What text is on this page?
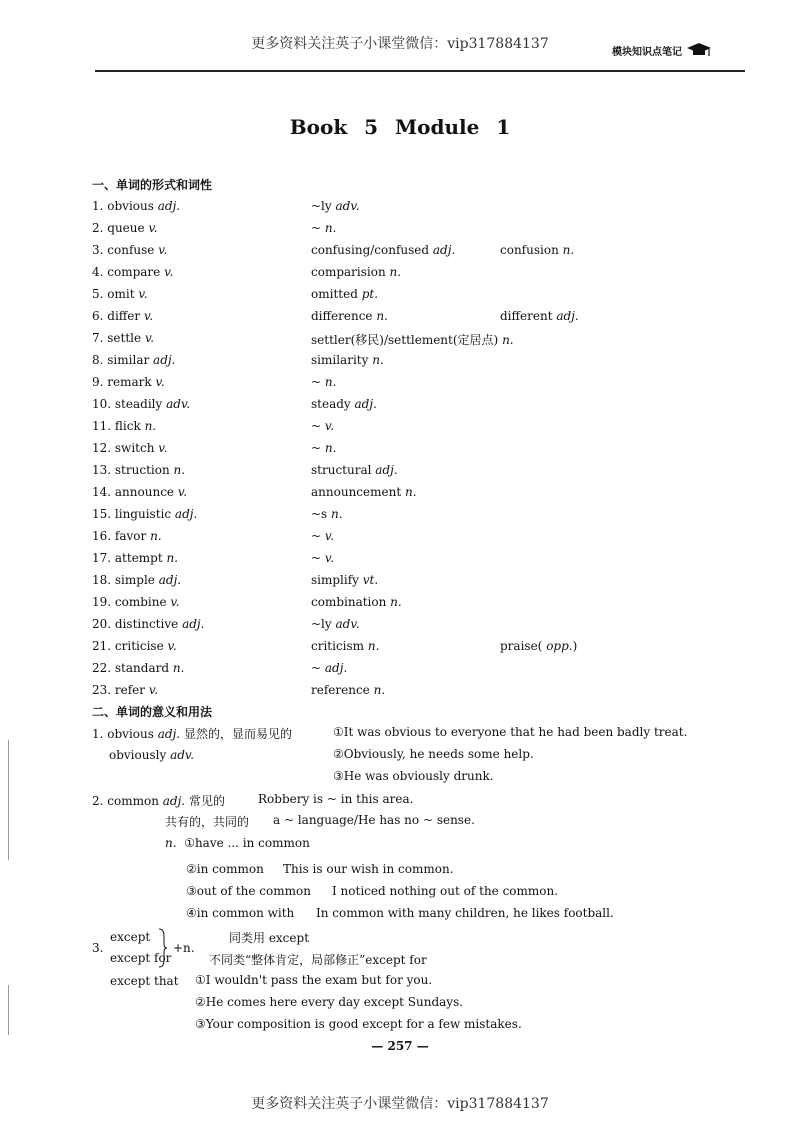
更多资料关注英子小课堂微信：vip317884137	模块知识点笔记
Book 5 Module 1
一、单词的形式和词性
1. obvious adj.	~ly adv.
2. queue v.	~ n.
3. confuse v.	confusing/confused adj.	confusion n.
4. compare v.	comparision n.
5. omit v.	omitted pt.
6. differ v.	difference n.	different adj.
7. settle v.	settler(移民)/settlement(定居点) n.
8. similar adj.	similarity n.
9. remark v.	~ n.
10. steadily adv.	steady adj.
11. flick n.	~ v.
12. switch v.	~ n.
13. struction n.	structural adj.
14. announce v.	announcement n.
15. linguistic adj.	~s n.
16. favor n.	~ v.
17. attempt n.	~ v.
18. simple adj.	simplify vt.
19. combine v.	combination n.
20. distinctive adj.	~ly adv.
21. criticise v.	criticism n.	praise( opp.)
22. standard n.	~ adj.
23. refer v.	reference n.
二、单词的意义和用法
1. obvious adj. 显然的，显而易见的
obviously adv.
①It was obvious to everyone that he had been badly treat.
②Obviously, he needs some help.
③He was obviously drunk.
2. common adj. 常见的	Robbery is ~ in this area.
共有的，共同的 a ~ language/He has no ~ sense.
n. ①have ... in common
②in common This is our wish in common.
③out of the common I noticed nothing out of the common.
④in common with In common with many children, he likes football.
3.
except
except for
+n.
同类用 except
不同类“整体肯定，局部修正”except for
except that ①I wouldn't pass the exam but for you.
②He comes here every day except Sundays.
③Your composition is good except for a few mistakes.
— 257 —
更多资料关注英子小课堂微信：vip317884137
